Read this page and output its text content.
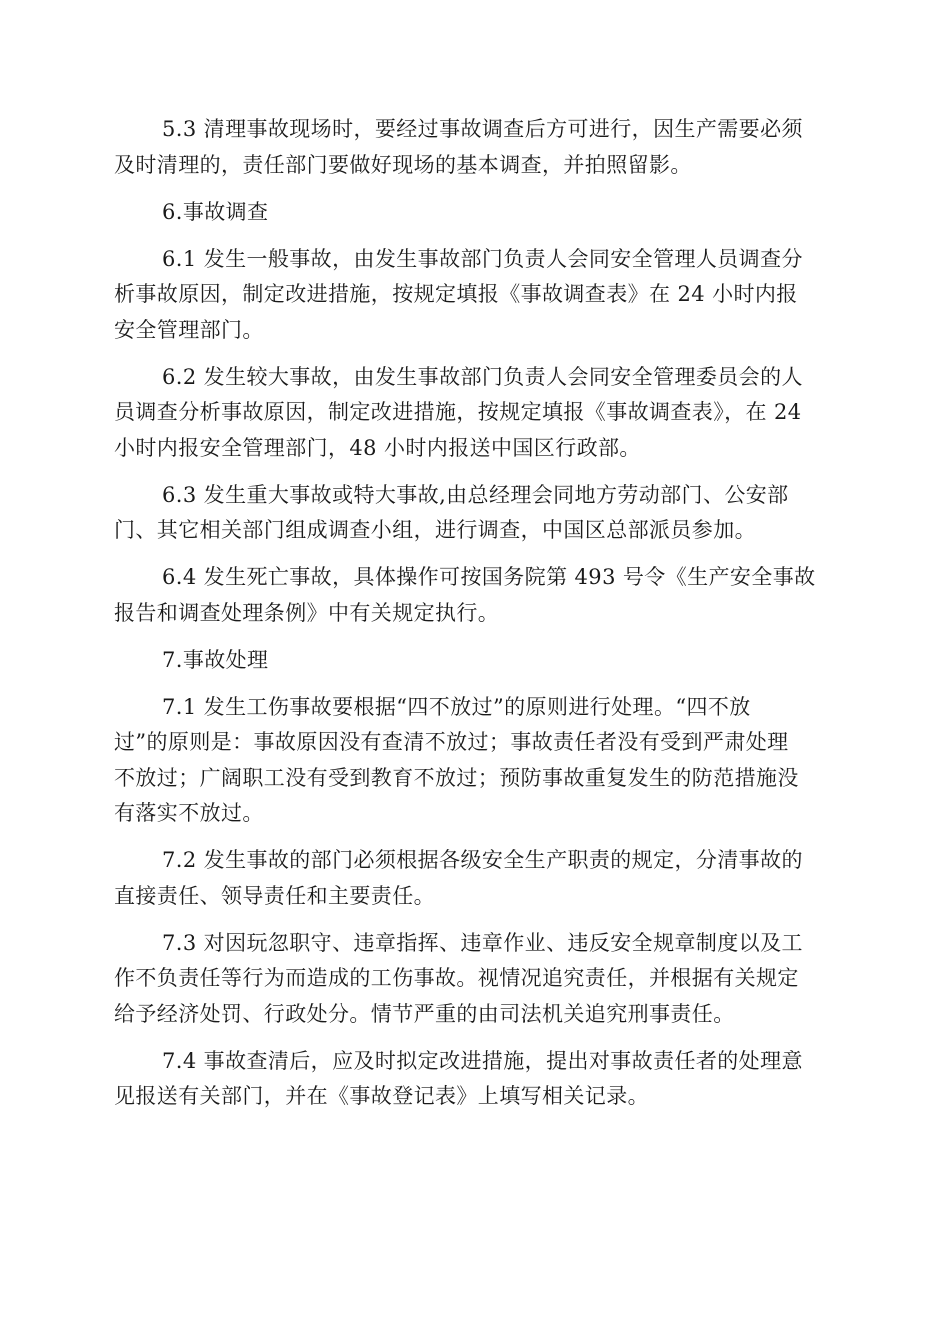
5.3 清理事故现场时，要经过事故调查后方可进行，因生产需要必须
及时清理的，责任部门要做好现场的基本调查，并拍照留影。

6.事故调查

6.1 发生一般事故，由发生事故部门负责人会同安全管理人员调查分
析事故原因，制定改进措施，按规定填报《事故调查表》在 24 小时内报
安全管理部门。

6.2 发生较大事故，由发生事故部门负责人会同安全管理委员会的人
员调查分析事故原因，制定改进措施，按规定填报《事故调查表》，在 24
小时内报安全管理部门，48 小时内报送中国区行政部。

6.3 发生重大事故或特大事故,由总经理会同地方劳动部门、公安部
门、其它相关部门组成调查小组，进行调查，中国区总部派员参加。

6.4 发生死亡事故，具体操作可按国务院第 493 号令《生产安全事故
报告和调查处理条例》中有关规定执行。

7.事故处理

7.1 发生工伤事故要根据“四不放过”的原则进行处理。“四不放
过”的原则是：事故原因没有查清不放过；事故责任者没有受到严肃处理
不放过；广阔职工没有受到教育不放过；预防事故重复发生的防范措施没
有落实不放过。

7.2 发生事故的部门必须根据各级安全生产职责的规定，分清事故的
直接责任、领导责任和主要责任。

7.3 对因玩忽职守、违章指挥、违章作业、违反安全规章制度以及工
作不负责任等行为而造成的工伤事故。视情况追究责任，并根据有关规定
给予经济处罚、行政处分。情节严重的由司法机关追究刑事责任。

7.4 事故查清后，应及时拟定改进措施，提出对事故责任者的处理意
见报送有关部门，并在《事故登记表》上填写相关记录。
